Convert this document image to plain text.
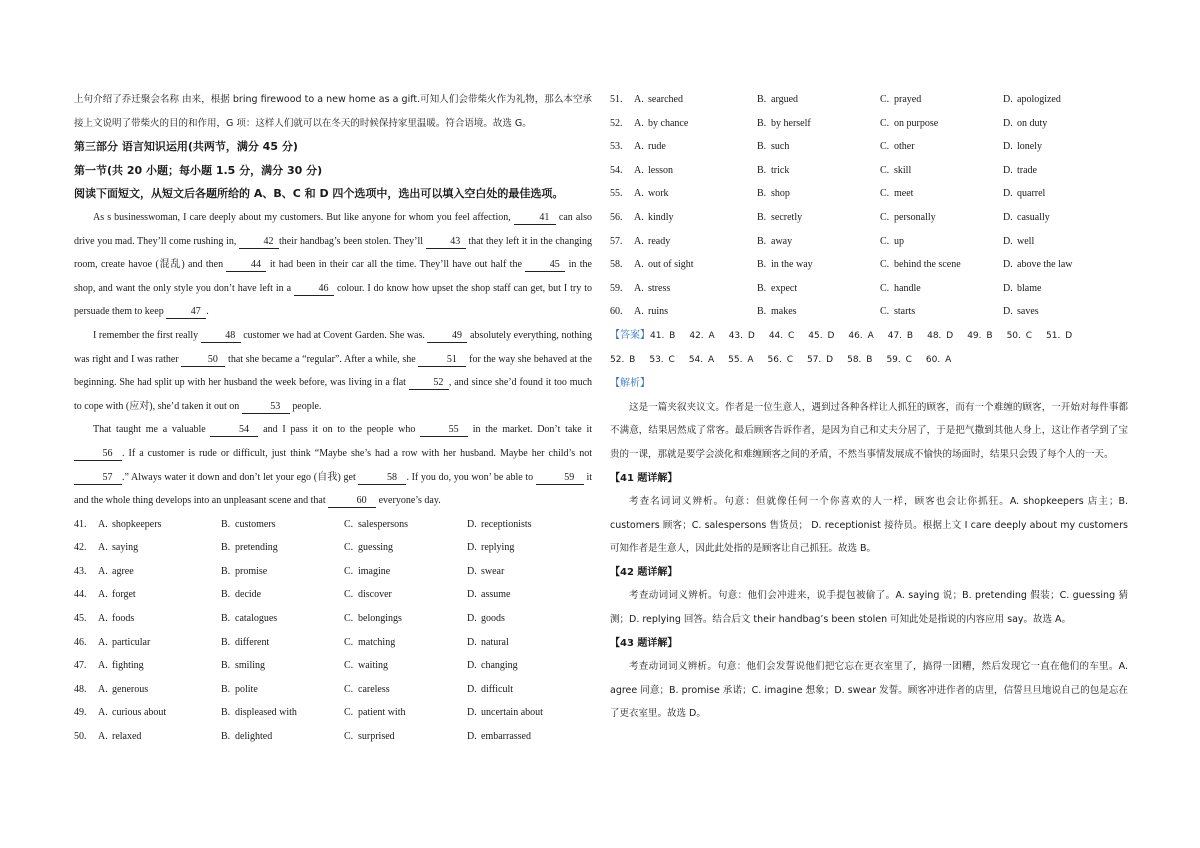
上句介绍了乔迁聚会名称 由来，根据 bring firewood to a new home as a gift.可知人们会带柴火作为礼物，那么本空承接上文说明了带柴火的目的和作用，G 项：这样人们就可以在冬天的时候保持家里温暖。符合语境。故选 G。

第三部分 语言知识运用(共两节，满分 45 分)

第一节(共 20 小题；每小题 1.5 分，满分 30 分)

阅读下面短文，从短文后各题所给的 A、B、C 和 D 四个选项中，选出可以填入空白处的最佳选项。

As s businesswoman, I care deeply about my customers. But like anyone for whom you feel affection,	41 can also drive you mad. They’ll come rushing in, 42 their handbag’s been stolen. They’ll 43 that they left it in the changing room, create havoe (混乱) and then 44 it had been in their car all the time. They’ll have out half the 45 in the shop, and want the only style you don’t have left in a 46 colour. I do know how upset the shop staff can get, but I try to persuade them to keep 47 .

I remember the first really 48 customer we had at Covent Garden. She was. 49 absolutely everything, nothing was right and I was rather	50 that she became a “regular”. After a while, she	51 for the way she behaved at the beginning. She had split up with her husband the week before, was living in a flat 52 , and since she’d found it too much to cope with (应对), she’d taken it out on	53 people.

That taught me a valuable	54 and I pass it on to the people who	55 in the market. Don’t take it 56 . If a customer is rude or difficult, just think “Maybe she’s had a row with her husband. Maybe her child’s not 57 .” Always water it down and don’t let your ego (自我) get	58 . If you do, you won’ be able to	59 it and the whole thing develops into an unpleasant scene and that	60 everyone’s day.

41.	A. shopkeepers	B. customers	C. salespersons	D. receptionists
42.	A. saying	B. pretending	C. guessing	D. replying
43.	A. agree	B. promise	C. imagine	D. swear
44.	A. forget	B. decide	C. discover	D. assume
45.	A. foods	B. catalogues	C. belongings	D. goods
46.	A. particular	B. different	C. matching	D. natural
47.	A. fighting	B. smiling	C. waiting	D. changing
48.	A. generous	B. polite	C. careless	D. difficult
49.	A. curious about	B. displeased with	C. patient with	D. uncertain about
50.	A. relaxed	B. delighted	C. surprised	D. embarrassed
51.	A. searched	B. argued	C. prayed	D. apologized
52.	A. by chance	B. by herself	C. on purpose	D. on duty
53.	A. rude	B. such	C. other	D. lonely
54.	A. lesson	B. trick	C. skill	D. trade
55.	A. work	B. shop	C. meet	D. quarrel
56.	A. kindly	B. secretly	C. personally	D. casually
57.	A. ready	B. away	C. up	D. well
58.	A. out of sight	B. in the way	C. behind the scene	D. above the law
59.	A. stress	B. expect	C. handle	D. blame
60.	A. ruins	B. makes	C. starts	D. saves
【答案】41. B 42. A 43. D 44. C 45. D 46. A 47. B 48. D 49. B 50. C 51. D
52. B 53. C 54. A 55. A 56. C 57. D 58. B 59. C 60. A

【解析】

这是一篇夹叙夹议文。作者是一位生意人，遇到过各种各样让人抓狂的顾客，而有一个难缠的顾客，一开始对每件事都不满意，结果居然成了常客。最后顾客告诉作者，是因为自己和丈夫分居了，于是把气撒到其他人身上，这让作者学到了宝贵的一课，那就是要学会淡化和难缠顾客之间的矛盾，不然当事情发展成不愉快的场面时，结果只会毁了每个人的一天。

【41 题详解】

考查名词词义辨析。句意：但就像任何一个你喜欢的人一样，顾客也会让你抓狂。A. shopkeepers 店主；B. customers 顾客；C. salespersons 售货员； D. receptionist 接待员。根据上文 I care deeply about my customers 可知作者是生意人，因此此处指的是顾客让自己抓狂。故选 B。

【42 题详解】

考查动词词义辨析。句意：他们会冲进来，说手提包被偷了。A. saying 说；B. pretending 假装；C. guessing 猜测；D. replying 回答。结合后文 their handbag’s been stolen 可知此处是指说的内容应用 say。故选 A。

【43 题详解】

考查动词词义辨析。句意：他们会发誓说他们把它忘在更衣室里了，搞得一团糟，然后发现它一直在他们的车里。A. agree 同意；B. promise 承诺；C. imagine 想象；D. swear 发誓。顾客冲进作者的店里，信誓旦旦地说自己的包是忘在了更衣室里。故选 D。
